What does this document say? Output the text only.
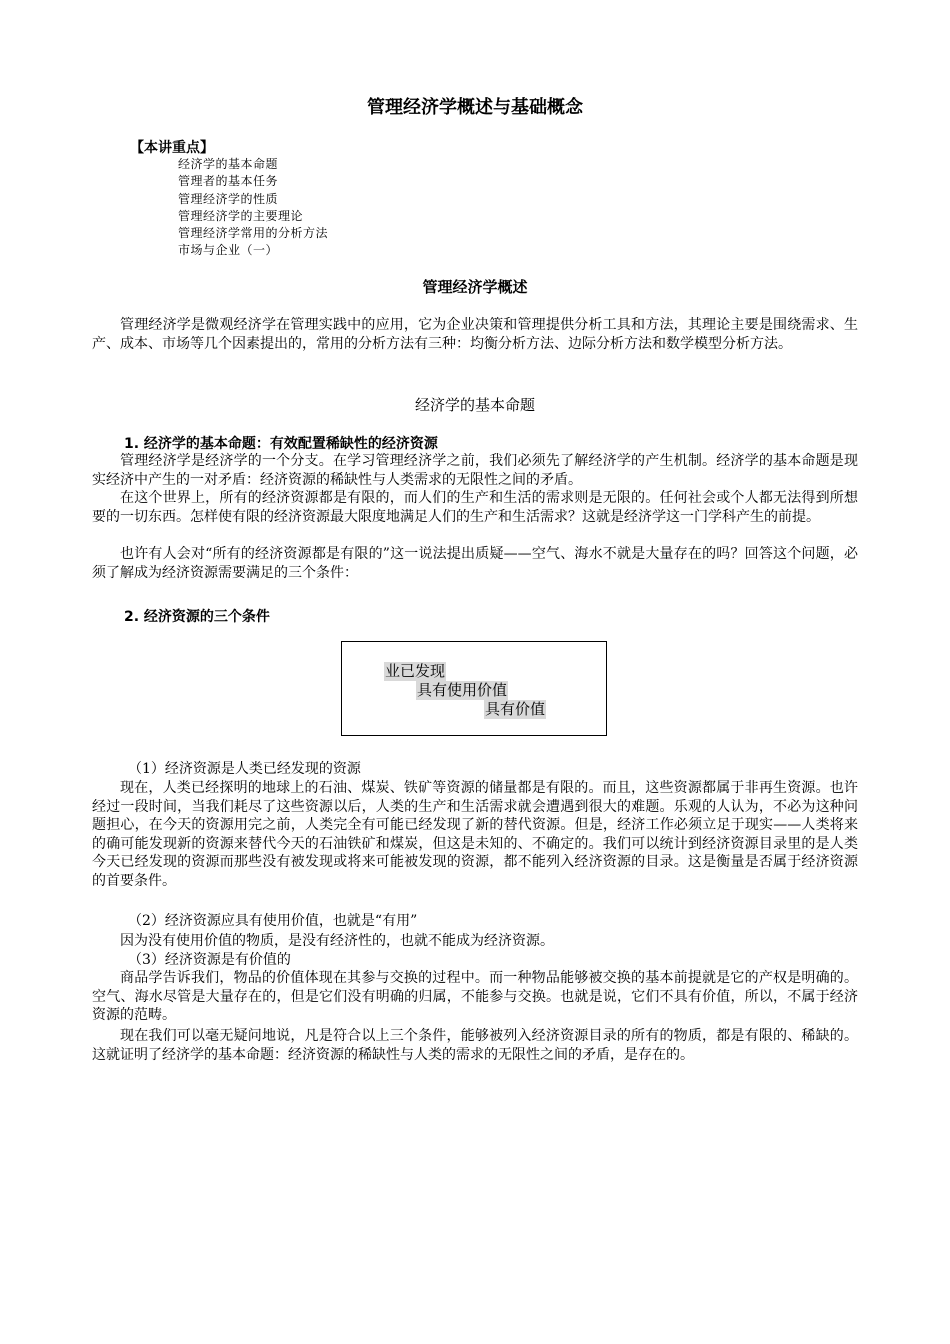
管理经济学概述与基础概念
【本讲重点】
经济学的基本命题
管理者的基本任务
管理经济学的性质
管理经济学的主要理论
管理经济学常用的分析方法
市场与企业（一）
管理经济学概述

管理经济学是微观经济学在管理实践中的应用，它为企业决策和管理提供分析工具和方法，其理论主要是围绕需求、生产、成本、市场等几个因素提出的，常用的分析方法有三种：均衡分析方法、边际分析方法和数学模型分析方法。

经济学的基本命题
1. 经济学的基本命题：有效配置稀缺性的经济资源

管理经济学是经济学的一个分支。在学习管理经济学之前，我们必须先了解经济学的产生机制。经济学的基本命题是现实经济中产生的一对矛盾：经济资源的稀缺性与人类需求的无限性之间的矛盾。

在这个世界上，所有的经济资源都是有限的，而人们的生产和生活的需求则是无限的。任何社会或个人都无法得到所想要的一切东西。怎样使有限的经济资源最大限度地满足人们的生产和生活需求？这就是经济学这一门学科产生的前提。

也许有人会对“所有的经济资源都是有限的”这一说法提出质疑——空气、海水不就是大量存在的吗？回答这个问题，必须了解成为经济资源需要满足的三个条件：

2. 经济资源的三个条件
业已发现
具有使用价值
具有价值

（1）经济资源是人类已经发现的资源

现在，人类已经探明的地球上的石油、煤炭、铁矿等资源的储量都是有限的。而且，这些资源都属于非再生资源。也许经过一段时间，当我们耗尽了这些资源以后，人类的生产和生活需求就会遭遇到很大的难题。乐观的人认为，不必为这种问题担心，在今天的资源用完之前，人类完全有可能已经发现了新的替代资源。但是，经济工作必须立足于现实——人类将来的确可能发现新的资源来替代今天的石油铁矿和煤炭，但这是未知的、不确定的。我们可以统计到经济资源目录里的是人类今天已经发现的资源而那些没有被发现或将来可能被发现的资源，都不能列入经济资源的目录。这是衡量是否属于经济资源的首要条件。

（2）经济资源应具有使用价值，也就是“有用”

因为没有使用价值的物质，是没有经济性的，也就不能成为经济资源。

（3）经济资源是有价值的

商品学告诉我们，物品的价值体现在其参与交换的过程中。而一种物品能够被交换的基本前提就是它的产权是明确的。空气、海水尽管是大量存在的，但是它们没有明确的归属，不能参与交换。也就是说，它们不具有价值，所以，不属于经济资源的范畴。

现在我们可以毫无疑问地说，凡是符合以上三个条件，能够被列入经济资源目录的所有的物质，都是有限的、稀缺的。这就证明了经济学的基本命题：经济资源的稀缺性与人类的需求的无限性之间的矛盾，是存在的。
